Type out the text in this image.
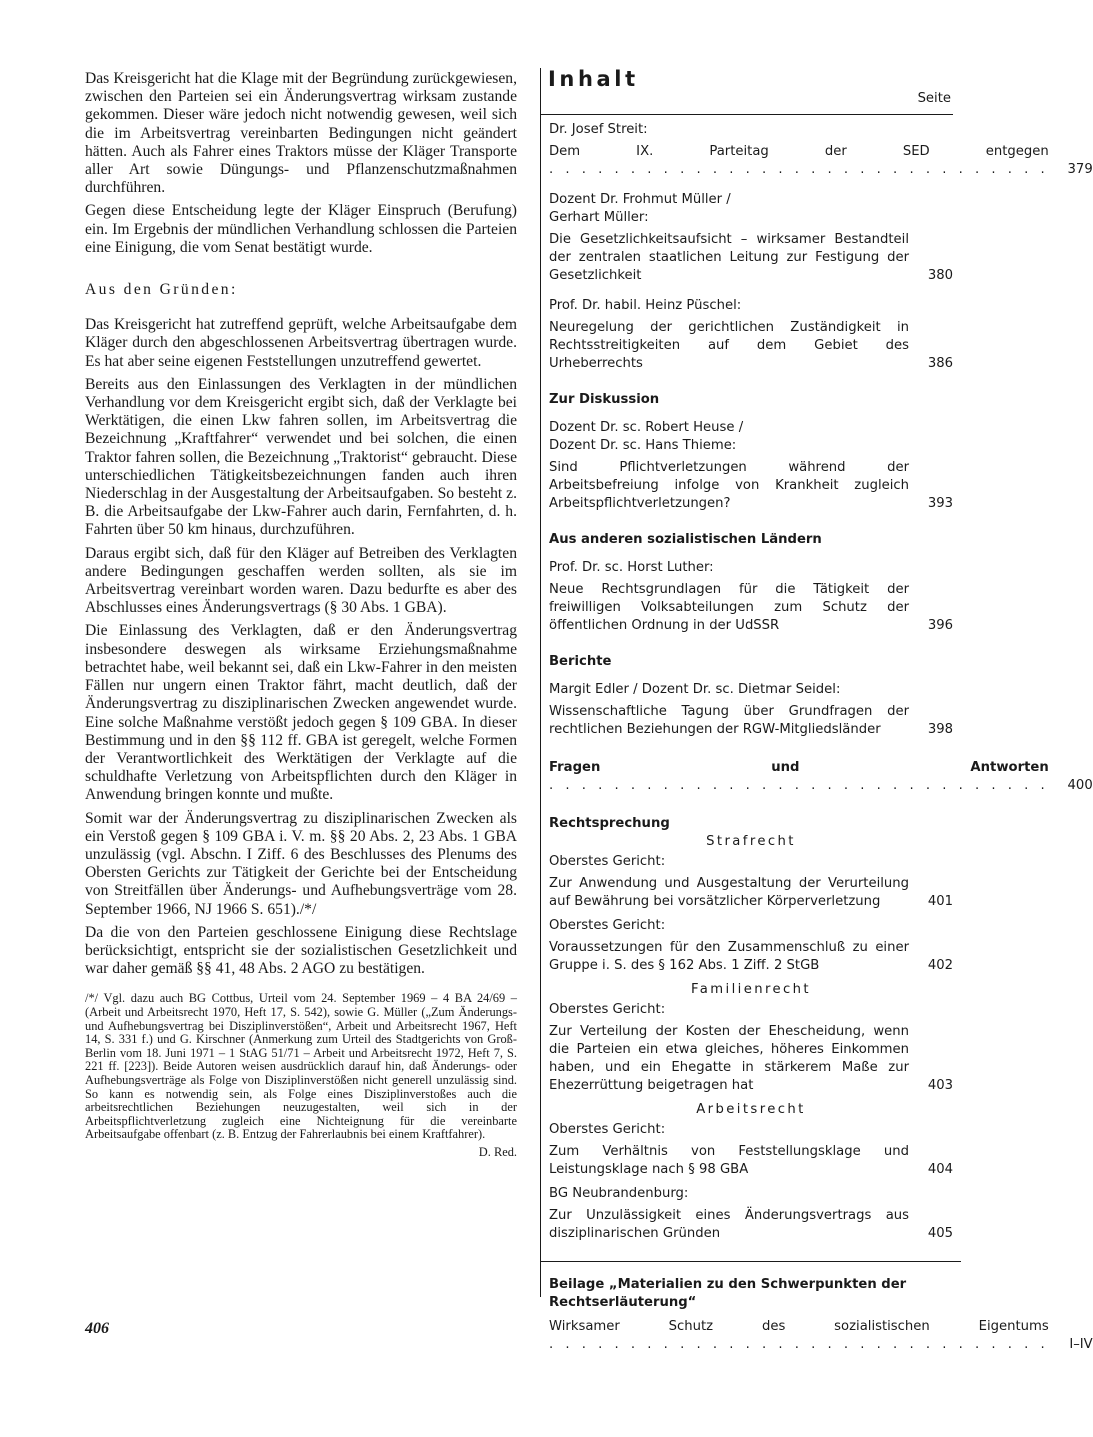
Das Kreisgericht hat die Klage mit der Begründung zurückgewiesen, zwischen den Parteien sei ein Änderungsvertrag wirksam zustande gekommen. Dieser wäre jedoch nicht notwendig gewesen, weil sich die im Arbeitsvertrag vereinbarten Bedingungen nicht geändert hätten. Auch als Fahrer eines Traktors müsse der Kläger Transporte aller Art sowie Düngungs- und Pflanzenschutzmaßnahmen durchführen.

Gegen diese Entscheidung legte der Kläger Einspruch (Berufung) ein. Im Ergebnis der mündlichen Verhandlung schlossen die Parteien eine Einigung, die vom Senat bestätigt wurde.

Aus den Gründen:

Das Kreisgericht hat zutreffend geprüft, welche Arbeitsaufgabe dem Kläger durch den abgeschlossenen Arbeitsvertrag übertragen wurde. Es hat aber seine eigenen Feststellungen unzutreffend gewertet.

Bereits aus den Einlassungen des Verklagten in der mündlichen Verhandlung vor dem Kreisgericht ergibt sich, daß der Verklagte bei Werktätigen, die einen Lkw fahren sollen, im Arbeitsvertrag die Bezeichnung „Kraftfahrer“ verwendet und bei solchen, die einen Traktor fahren sollen, die Bezeichnung „Traktorist“ gebraucht. Diese unterschiedlichen Tätigkeitsbezeichnungen fanden auch ihren Niederschlag in der Ausgestaltung der Arbeitsaufgaben. So besteht z. B. die Arbeitsaufgabe der Lkw-Fahrer auch darin, Fernfahrten, d. h. Fahrten über 50 km hinaus, durchzuführen.

Daraus ergibt sich, daß für den Kläger auf Betreiben des Verklagten andere Bedingungen geschaffen werden sollten, als sie im Arbeitsvertrag vereinbart worden waren. Dazu bedurfte es aber des Abschlusses eines Änderungsvertrags (§ 30 Abs. 1 GBA).

Die Einlassung des Verklagten, daß er den Änderungsvertrag insbesondere deswegen als wirksame Erziehungsmaßnahme betrachtet habe, weil bekannt sei, daß ein Lkw-Fahrer in den meisten Fällen nur ungern einen Traktor fährt, macht deutlich, daß der Änderungsvertrag zu disziplinarischen Zwecken angewendet wurde. Eine solche Maßnahme verstößt jedoch gegen § 109 GBA. In dieser Bestimmung und in den §§ 112 ff. GBA ist geregelt, welche Formen der Verantwortlichkeit des Werktätigen der Verklagte auf die schuldhafte Verletzung von Arbeitspflichten durch den Kläger in Anwendung bringen konnte und mußte.

Somit war der Änderungsvertrag zu disziplinarischen Zwecken als ein Verstoß gegen § 109 GBA i. V. m. §§ 20 Abs. 2, 23 Abs. 1 GBA unzulässig (vgl. Abschn. I Ziff. 6 des Beschlusses des Plenums des Obersten Gerichts zur Tätigkeit der Gerichte bei der Entscheidung von Streitfällen über Änderungs- und Aufhebungsverträge vom 28. September 1966, NJ 1966 S. 651)./*/

Da die von den Parteien geschlossene Einigung diese Rechtslage berücksichtigt, entspricht sie der sozialistischen Gesetzlichkeit und war daher gemäß §§ 41, 48 Abs. 2 AGO zu bestätigen.

/*/ Vgl. dazu auch BG Cottbus, Urteil vom 24. September 1969 – 4 BA 24/69 – (Arbeit und Arbeitsrecht 1970, Heft 17, S. 542), sowie G. Müller („Zum Änderungs- und Aufhebungsvertrag bei Disziplinverstößen“, Arbeit und Arbeitsrecht 1967, Heft 14, S. 331 f.) und G. Kirschner (Anmerkung zum Urteil des Stadtgerichts von Groß-Berlin vom 18. Juni 1971 – 1 StAG 51/71 – Arbeit und Arbeitsrecht 1972, Heft 7, S. 221 ff. [223]). Beide Autoren weisen ausdrücklich darauf hin, daß Änderungs- oder Aufhebungsverträge als Folge von Disziplinverstößen nicht generell unzulässig sind. So kann es notwendig sein, als Folge eines Disziplinverstoßes auch die arbeitsrechtlichen Beziehungen neuzugestalten, weil sich in der Arbeitspflichtverletzung zugleich eine Nichteignung für die vereinbarte Arbeitsaufgabe offenbart (z. B. Entzug der Fahrerlaubnis bei einem Kraftfahrer).
D. Red.
406
Inhalt
Seite
Dr. Josef Streit:
Dem IX. Parteitag der SED entgegen . . . . . . . . . . . . . . . . . . . . . . . . . . . . . . .	379
Dozent Dr. Frohmut Müller /
Gerhart Müller:
Die Gesetzlichkeitsaufsicht – wirksamer Bestandteil der zentralen staatlichen Leitung zur Festigung der Gesetzlichkeit	380
Prof. Dr. habil. Heinz Püschel:
Neuregelung der gerichtlichen Zuständigkeit in Rechtsstreitigkeiten auf dem Gebiet des Urheberrechts	386
Zur Diskussion
Dozent Dr. sc. Robert Heuse /
Dozent Dr. sc. Hans Thieme:
Sind Pflichtverletzungen während der Arbeitsbefreiung infolge von Krankheit zugleich Arbeitspflichtverletzungen?	393
Aus anderen sozialistischen Ländern
Prof. Dr. sc. Horst Luther:
Neue Rechtsgrundlagen für die Tätigkeit der freiwilligen Volksabteilungen zum Schutz der öffentlichen Ordnung in der UdSSR	396
Berichte
Margit Edler / Dozent Dr. sc. Dietmar Seidel:
Wissenschaftliche Tagung über Grundfragen der rechtlichen Beziehungen der RGW-Mitgliedsländer	398
Fragen und Antworten . . . . . . . . . . . . . . . . . . . . . . . . . . . . . . .	400
Rechtsprechung
Strafrecht
Oberstes Gericht:
Zur Anwendung und Ausgestaltung der Verurteilung auf Bewährung bei vorsätzlicher Körperverletzung	401
Oberstes Gericht:
Voraussetzungen für den Zusammenschluß zu einer Gruppe i. S. des § 162 Abs. 1 Ziff. 2 StGB	402
Familienrecht
Oberstes Gericht:
Zur Verteilung der Kosten der Ehescheidung, wenn die Parteien ein etwa gleiches, höheres Einkommen haben, und ein Ehegatte in stärkerem Maße zur Ehezerrüttung beigetragen hat	403
Arbeitsrecht
Oberstes Gericht:
Zum Verhältnis von Feststellungsklage und Leistungsklage nach § 98 GBA	404
BG Neubrandenburg:
Zur Unzulässigkeit eines Änderungsvertrags aus disziplinarischen Gründen	405
Beilage „Materialien zu den Schwerpunkten der Rechtserläuterung“
Wirksamer Schutz des sozialistischen Eigentums . . . . . . . . . . . . . . . . . . . . . . . . . . . . . . .	I–IV
